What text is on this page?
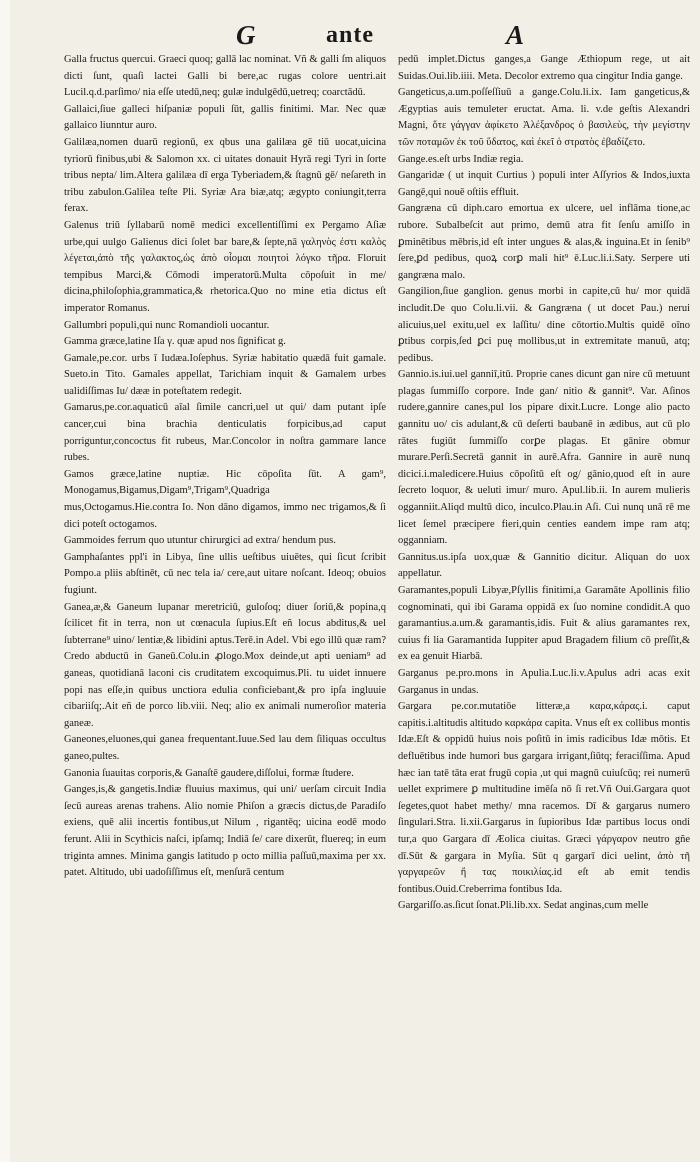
G	ante	A
Galla fructus quercui. Graeci quoq; gallā lac nominat. Vñ & galli ſm aliquos dicti ſunt, quaſi lactei Galli bi bere,ac rugas colore uentri.ait Lucil.q.d.parſimo/ nia eſſe utedū,neq; gulæ indulgēdū,uetreq; coarctādū.
Gallaici,ſiue galleci hiſpaniæ populi ſūt, gallis finitimi. Mar. Nec quæ gallaico liunntur auro.
Galilæa,nomen duarū regionū, ex qbus una galilæa gē tiū uocat,uicina tyriorū finibus,ubi & Salomon xx. ci uitates donauit Hyrā regi Tyri in ſorte tribus nepta/ lim.Altera galilæa dī erga Tyberiadem,& ſtagnū gē/ neſareth in tribu zabulon.Galilea teſte Pli. Syriæ Ara biæ,atq; ægypto coniungit,terra ferax.
Galenus triū ſyllabarū nomē medici excellentiſſimi ex Pergamo Aſiæ urbe,qui uulgo Galienus dici ſolet bar bare,& ſepte,nā γαληνὸς ἐστι καλὸς λέγεται,ἀπὸ τῆς γαλακτος,ὡς ἀπὸ οἶομαι ποιητοὶ λόγκο τῆρα. Floruit tempibus Marci,& Cōmodi imperatorū.Multa cōpoſuit in me/ dicina,philoſophia,grammatica,& rhetorica.Quo no mine etia dictus eſt imperator Romanus.
Gallumbri populi,qui nunc Romandioli uocantur.
Gamma græce,latine Iſa γ. quæ apud nos ſignificat g.
Gamale,pe.cor. urbs ī Iudæa.Ioſephus. Syriæ habitatio quædā fuit gamale. Sueto.in Tito. Gamales appellat, Tarichiam inquit & Gamalem urbes ualidiſſimas Iu/ dææ in poteſtatem redegit.
Gamarus,pe.cor.aquaticū aīal ſimile cancri,uel ut qui/ dam putant ipſe cancer,cui bina brachia denticulatis forpicibus,ad caput porriguntur,concoctus fit rubeus, Mar.Concolor in noſtra gammare lance rubes.
Gamos græce,latine nuptiæ. Hic cōpoſita ſūt. A gam⁹, Monogamus,Bigamus,Digam⁹,Trigam⁹,Quadriga mus,Octogamus.Hie.contra Io. Non dāno digamos, immo nec trigamos,& ſi dici poteſt octogamos.
Gammoides ferrum quo utuntur chirurgici ad extra/ hendum pus.
Gamphaſantes ppl'i in Libya, ſine ullis ueſtibus uiuētes, qui ſicut ſcribit Pompo.a pliis abſtinēt, cū nec tela ia/ cere,aut uitare noſcant. Ideoq; obuios fugiunt.
Ganea,æ,& Ganeum lupanar meretriciū, guloſoq; diuer ſoriū,& popina,q ſcilicet fit in terra, non ut cœnacula ſupius.Eſt eñ locus abditus,& uel ſubterrane⁹ uino/ lentiæ,& libidini aptus.Terē.in Adel. Vbi ego illū quæ ram?Credo abductū in Ganeū.Colu.in ꝓlogo.Mox deinde,ut apti ueniam⁹ ad ganeas, quotidianā laconi cis cruditatem excoquimus.Pli. tu uidet innuere popi nas eſſe,in quibus unctiora edulia conficiebant,& pro ipſa ingluuie cibariiſq;.Ait eñ de porco lib.viii. Neq; alio ex animali numeroſior materia ganeæ.
Ganeones,eluones,qui ganea frequentant.Iuue.Sed lau dem ſiliquas occultus ganeo,pultes.
Ganonia ſuauitas corporis,& Ganaſtē gaudere,diſſolui, formæ ſtudere.
Ganges,is,& gangetis.Indiæ fluuius maximus, qui uni/ uerſam circuit India ſecū aureas arenas trahens. Alio nomie Phiſon a græcis dictus,de Paradiſo exiens, quē alii incertis fontibus,ut Nilum , rigantēq; uicina eodē modo ferunt. Alii in Scythicis naſci, ipſamq; Indiā ſe/ care dixerūt, fluereq; in eum triginta amnes. Minima gangis latitudo p octo millia paſſuū,maxima per xx. patet. Altitudo, ubi uadoſiſſimus eſt, menſurā centum
pedū implet.Dictus ganges,a Gange Æthiopum rege, ut ait Suidas.Oui.lib.iiii. Meta. Decolor extremo qua cingitur India gange.
Gangeticus,a.um.poſſeſſiuū a gange.Colu.li.ix. Iam gangeticus,& Ægyptias auis temuleter eructat. Ama. li. v.de geſtis Alexandri Magni, ὅτε γάγγαν ἀφίκετο Ἀλέξανδρος ὁ βασιλεὺς, τὴν μεγίστην τῶν ποταμῶν ἐκ τοῦ ὕδατος, καὶ ἐκεῖ ὁ στρατὸς ἐβαδίζετο.
Gange.es.eſt urbs Indiæ regia.
Gangaridæ ( ut inquit Curtius ) populi inter Aſſyrios & Indos,iuxta Gangē,qui nouē oſtiis effluit.
Gangræna cū diph.caro emortua ex ulcere, uel inflāma tione,ac rubore. Subalbeſcit aut primo, demū atra fit ſenſu amiſſo in ꝑminētibus mēbris,id eſt inter ungues & alas,& inguina.Et in ſenib⁹ ſere,ꝑd pedibus, quoꝝ corꝑ mali hit⁹ ē.Luc.li.i.Saty. Serpere uti gangræna malo.
Gangilion,ſiue ganglion. genus morbi in capite,cū hu/ mor quidā includit.De quo Colu.li.vii. & Gangræna ( ut docet Pau.) nerui alicuius,uel exitu,uel ex laſſitu/ dine cōtortio.Multis quidē oīno ꝑtibus corpis,ſed ꝑci puę mollibus,ut in extremitate manuū, atq; pedibus.
Gannio.is.iui.uel ganniī,itū. Proprie canes dicunt gan nire cū metuunt plagas ſummiſſo corpore. Inde gan/ nitio & gannit⁹. Var. Aſinos rudere,gannire canes,pul los pipare dixit.Lucre. Longe alio pacto gannitu uo/ cis adulant,& cū deſerti baubanē in ædibus, aut cū plo rātes fugiūt ſummiſſo corꝑe plagas. Et gānire obmur murare.Perſi.Secretā gannit in aurē.Afra. Gannire in aurē nunq dicici.i.maledicere.Huius cōpoſitū eſt og/ gānio,quod eſt in aure ſecreto loquor, & ueluti imur/ muro. Apul.lib.ii. In aurem mulieris ogganniit.Aliqd multū dico, inculco.Plau.in Aſi. Cui nunq unā rē me licet ſemel præcipere fieri,quin centies eandem impe ram atq; ogganniam.
Gannitus.us.ipſa uox,quæ & Gannitio dicitur. Aliquan do uox appellatur.
Garamantes,populi Libyæ,Pſyllis finitimi,a Garamāte Apollinis filio cognominati, qui ibi Garama oppidā ex ſuo nomine condidit.A quo garamantius.a.um.& garamantis,idis. Fuit & alius garamantes rex, cuius fi lia Garamantida Iuppiter apud Bragadem filium cō preſſit,& ex ea genuit Hiarbā.
Garganus pe.pro.mons in Apulia.Luc.li.v.Apulus adri acas exit Garganus in undas.
Gargara pe.cor.mutatiōe litteræ,a καρα,κάρας.i. caput capitis.i.altitudis altitudo καρκάρα capita. Vnus eſt ex collibus montis Idæ.Eſt & oppidū huius nois poſitū in imis radicibus Idæ mōtis. Et defluētibus inde humori bus gargara irrigant,ſiūtq; feraciſſima. Apud hæc ian tatē tāta erat frugū copia ,ut qui magnū cuiuſcūq; rei numerū uellet exprimere ꝑ multitudine imēſa nō ſi ret.Vñ Oui.Gargara quot ſegetes,quot habet methy/ mna racemos. Dī & gargarus numero ſingulari.Stra. li.xii.Gargarus in ſupioribus Idæ partibus locus ondi tur,a quo Gargara dī Æolica ciuitas. Græci γάργαρον neutro gñe dī.Sūt & gargara in Myſia. Sūt q gargarī dici uelint, ἀπὸ τῆ γαργαρεῶν ἤ τας ποικιλίας.id eſt ab emit tendis fontibus.Ouid.Creberrima fontibus Ida.
Gargariſſo.as.ſicut ſonat.Pli.lib.xx. Sedat anginas,cum melle
